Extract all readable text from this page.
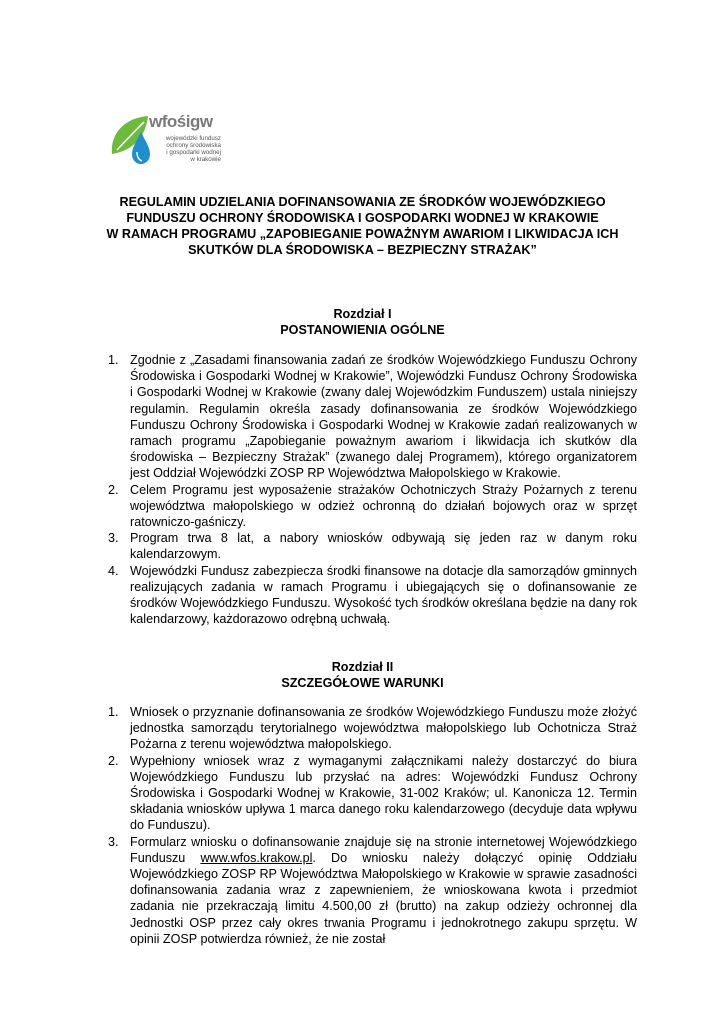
wfośigw
wojewódzki fundusz
ochrony środowiska
i gospodarki wodnej
w krakowie
REGULAMIN UDZIELANIA DOFINANSOWANIA ZE ŚRODKÓW WOJEWÓDZKIEGO
FUNDUSZU OCHRONY ŚRODOWISKA I GOSPODARKI WODNEJ W KRAKOWIE
W RAMACH PROGRAMU „ZAPOBIEGANIE POWAŻNYM AWARIOM I LIKWIDACJA ICH
SKUTKÓW DLA ŚRODOWISKA – BEZPIECZNY STRAŻAK”
Rozdział I
POSTANOWIENIA OGÓLNE
1. Zgodnie z „Zasadami finansowania zadań ze środków Wojewódzkiego Funduszu Ochrony Środowiska i Gospodarki Wodnej w Krakowie”, Wojewódzki Fundusz Ochrony Środowiska i Gospodarki Wodnej w Krakowie (zwany dalej Wojewódzkim Funduszem) ustala niniejszy regulamin. Regulamin określa zasady dofinansowania ze środków Wojewódzkiego Funduszu Ochrony Środowiska i Gospodarki Wodnej w Krakowie zadań realizowanych w ramach programu „Zapobieganie poważnym awariom i likwidacja ich skutków dla środowiska – Bezpieczny Strażak” (zwanego dalej Programem), którego organizatorem jest Oddział Wojewódzki ZOSP RP Województwa Małopolskiego w Krakowie.
2. Celem Programu jest wyposażenie strażaków Ochotniczych Straży Pożarnych z terenu województwa małopolskiego w odzież ochronną do działań bojowych oraz w sprzęt ratowniczo-gaśniczy.
3. Program trwa 8 lat, a nabory wniosków odbywają się jeden raz w danym roku kalendarzowym.
4. Wojewódzki Fundusz zabezpiecza środki finansowe na dotacje dla samorządów gminnych realizujących zadania w ramach Programu i ubiegających się o dofinansowanie ze środków Wojewódzkiego Funduszu. Wysokość tych środków określana będzie na dany rok kalendarzowy, każdorazowo odrębną uchwałą.
Rozdział II
SZCZEGÓŁOWE WARUNKI
1. Wniosek o przyznanie dofinansowania ze środków Wojewódzkiego Funduszu może złożyć jednostka samorządu terytorialnego województwa małopolskiego lub Ochotnicza Straż Pożarna z terenu województwa małopolskiego.
2. Wypełniony wniosek wraz z wymaganymi załącznikami należy dostarczyć do biura Wojewódzkiego Funduszu lub przysłać na adres: Wojewódzki Fundusz Ochrony Środowiska i Gospodarki Wodnej w Krakowie, 31-002 Kraków; ul. Kanonicza 12. Termin składania wniosków upływa 1 marca danego roku kalendarzowego (decyduje data wpływu do Funduszu).
3. Formularz wniosku o dofinansowanie znajduje się na stronie internetowej Wojewódzkiego Funduszu www.wfos.krakow.pl. Do wniosku należy dołączyć opinię Oddziału Wojewódzkiego ZOSP RP Województwa Małopolskiego w Krakowie w sprawie zasadności dofinansowania zadania wraz z zapewnieniem, że wnioskowana kwota i przedmiot zadania nie przekraczają limitu 4.500,00 zł (brutto) na zakup odzieży ochronnej dla Jednostki OSP przez cały okres trwania Programu i jednokrotnego zakupu sprzętu. W opinii ZOSP potwierdza również, że nie został
